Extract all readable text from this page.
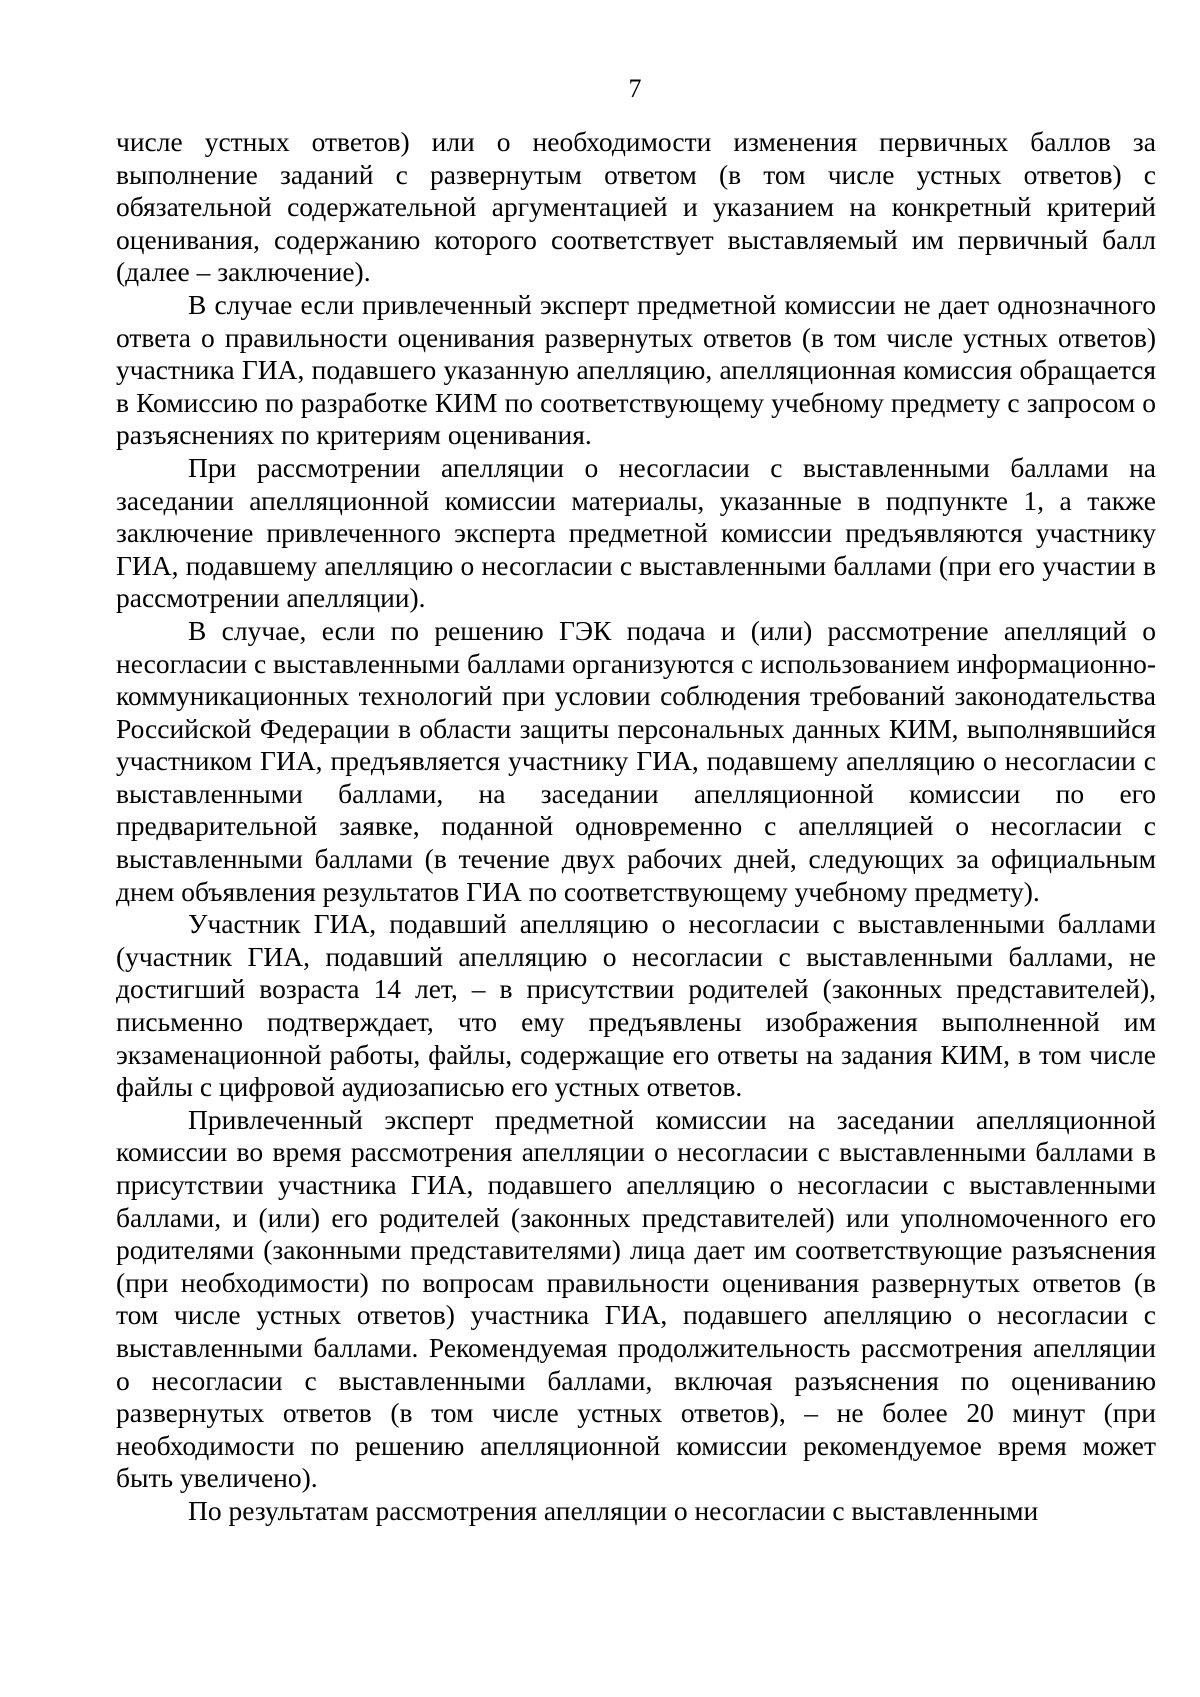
7

числе устных ответов) или о необходимости изменения первичных баллов за выполнение заданий с развернутым ответом (в том числе устных ответов) с обязательной содержательной аргументацией и указанием на конкретный критерий оценивания, содержанию которого соответствует выставляемый им первичный балл (далее – заключение).

В случае если привлеченный эксперт предметной комиссии не дает однозначного ответа о правильности оценивания развернутых ответов (в том числе устных ответов) участника ГИА, подавшего указанную апелляцию, апелляционная комиссия обращается в Комиссию по разработке КИМ по соответствующему учебному предмету с запросом о разъяснениях по критериям оценивания.

При рассмотрении апелляции о несогласии с выставленными баллами на заседании апелляционной комиссии материалы, указанные в подпункте 1, а также заключение привлеченного эксперта предметной комиссии предъявляются участнику ГИА, подавшему апелляцию о несогласии с выставленными баллами (при его участии в рассмотрении апелляции).

В случае, если по решению ГЭК подача и (или) рассмотрение апелляций о несогласии с выставленными баллами организуются с использованием информационно-коммуникационных технологий при условии соблюдения требований законодательства Российской Федерации в области защиты персональных данных КИМ, выполнявшийся участником ГИА, предъявляется участнику ГИА, подавшему апелляцию о несогласии с выставленными баллами, на заседании апелляционной комиссии по его предварительной заявке, поданной одновременно с апелляцией о несогласии с выставленными баллами (в течение двух рабочих дней, следующих за официальным днем объявления результатов ГИА по соответствующему учебному предмету).

Участник ГИА, подавший апелляцию о несогласии с выставленными баллами (участник ГИА, подавший апелляцию о несогласии с выставленными баллами, не достигший возраста 14 лет, – в присутствии родителей (законных представителей), письменно подтверждает, что ему предъявлены изображения выполненной им экзаменационной работы, файлы, содержащие его ответы на задания КИМ, в том числе файлы с цифровой аудиозаписью его устных ответов.

Привлеченный эксперт предметной комиссии на заседании апелляционной комиссии во время рассмотрения апелляции о несогласии с выставленными баллами в присутствии участника ГИА, подавшего апелляцию о несогласии с выставленными баллами, и (или) его родителей (законных представителей) или уполномоченного его родителями (законными представителями) лица дает им соответствующие разъяснения (при необходимости) по вопросам правильности оценивания развернутых ответов (в том числе устных ответов) участника ГИА, подавшего апелляцию о несогласии с выставленными баллами. Рекомендуемая продолжительность рассмотрения апелляции о несогласии с выставленными баллами, включая разъяснения по оцениванию развернутых ответов (в том числе устных ответов), – не более 20 минут (при необходимости по решению апелляционной комиссии рекомендуемое время может быть увеличено).

По результатам рассмотрения апелляции о несогласии с выставленными
